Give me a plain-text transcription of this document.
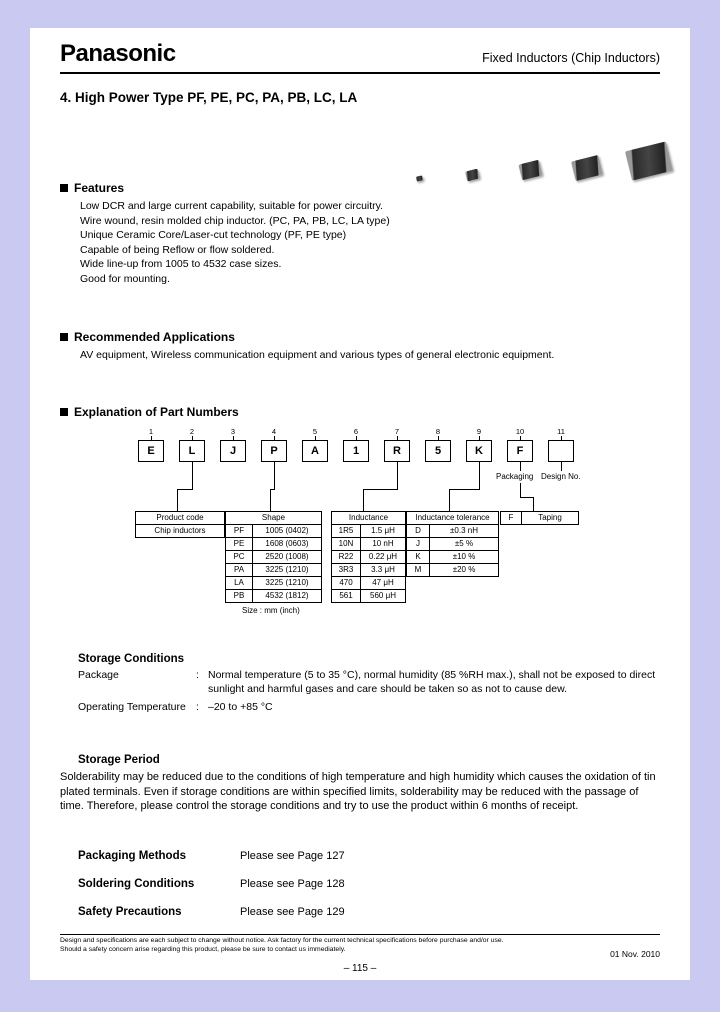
Panasonic	Fixed Inductors (Chip Inductors)
4. High Power Type PF, PE, PC, PA, PB, LC, LA
Features
Low DCR and large current capability, suitable for power circuitry.
Wire wound, resin molded chip inductor. (PC, PA, PB, LC, LA type)
Unique Ceramic Core/Laser-cut technology (PF, PE type)
Capable of being Reflow or flow soldered.
Wide line-up from 1005 to 4532 case sizes.
Good for mounting.
Recommended Applications
AV equipment, Wireless communication equipment and various types of general electronic equipment.
Explanation of Part Numbers
1
E
2
L
3
J
4
P
5
A
6
1
7
R
8
5
9
K
10
F
11
Packaging Design No.
Product code
Chip inductors
Shape	
PF	1005 (0402)
PE	1608 (0603)
PC	2520 (1008)
PA	3225 (1210)
LA	3225 (1210)
PB	4532 (1812)
Size : mm (inch)
Inductance	
1R5	1.5 μH
10N	10 nH
R22	0.22 μH
3R3	3.3 μH
470	47 μH
561	560 μH
Inductance tolerance	
D	±0.3 nH
J	±5 %
K	±10 %
M	±20 %
F	Taping
Storage Conditions
Package	: Normal temperature (5 to 35 °C), normal humidity (85 %RH max.), shall not be exposed to direct sunlight and harmful gases and care should be taken so as not to cause dew.
Operating Temperature : –20 to +85 °C
Storage Period

Solderability may be reduced due to the conditions of high temperature and high humidity which causes the oxidation of tin plated terminals. Even if storage conditions are within specified limits, solderability may be reduced with the passage of time. Therefore, please control the storage conditions and try to use the product within 6 months of receipt.

Packaging Methods	Please see Page 127
Soldering Conditions	Please see Page 128
Safety Precautions	Please see Page 129
Design and specifications are each subject to change without notice. Ask factory for the current technical specifications before purchase and/or use.
Should a safety concern arise regarding this product, please be sure to contact us immediately.	01 Nov. 2010
– 115 –
